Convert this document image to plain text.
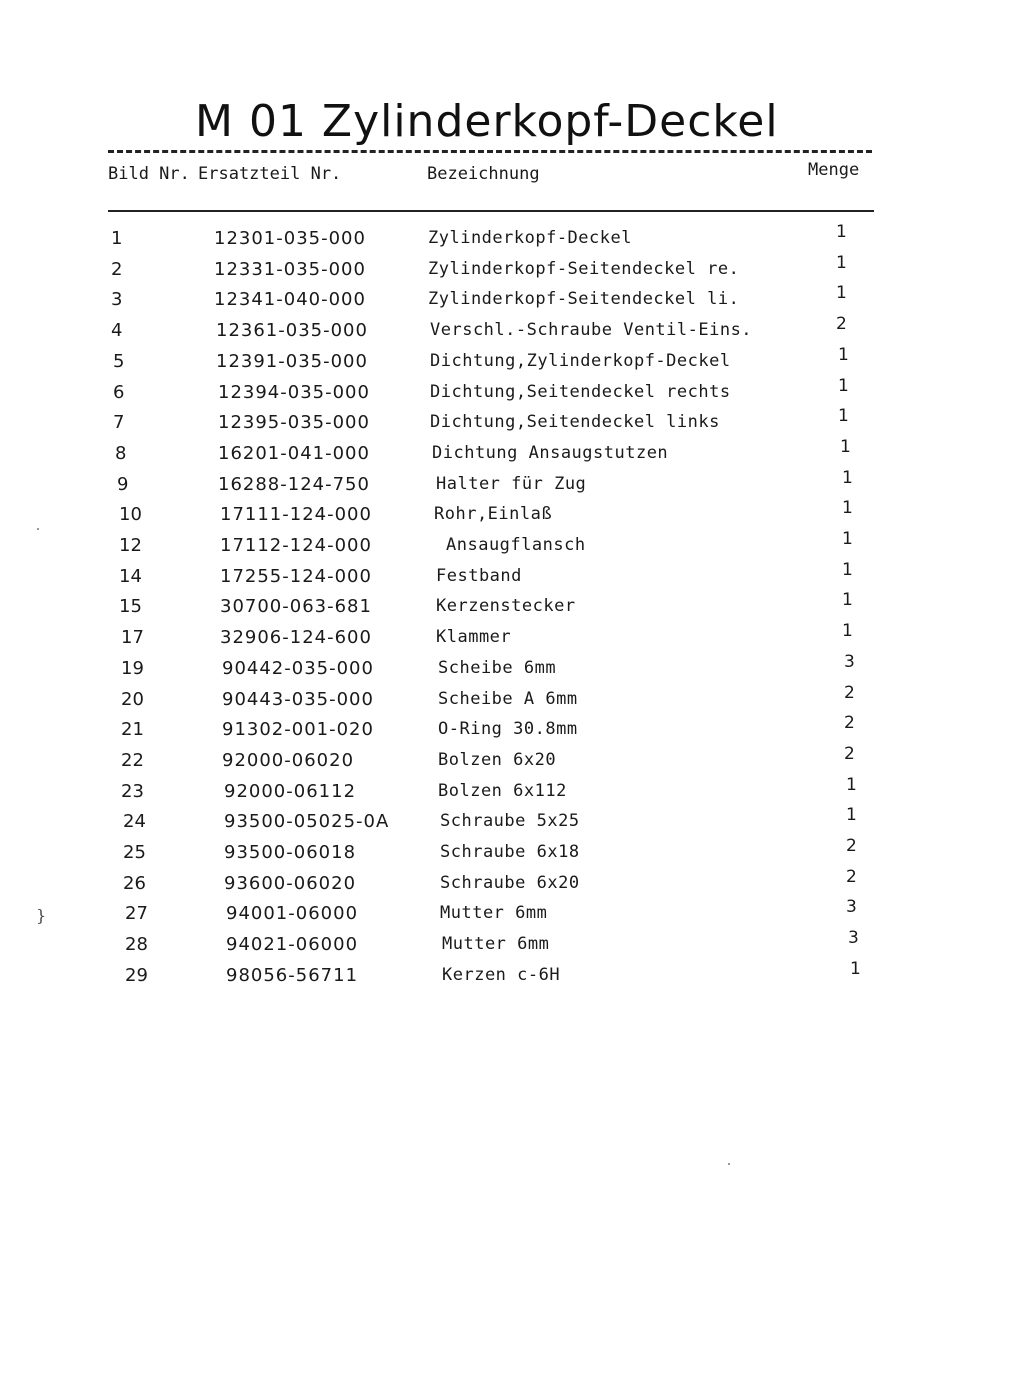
M 01 Zylinderkopf-Deckel
Bild Nr. Ersatzteil Nr.	Bezeichnung	Menge
1	12301-035-000	Zylinderkopf-Deckel	1
2	12331-035-000	Zylinderkopf-Seitendeckel re.	1
3	12341-040-000	Zylinderkopf-Seitendeckel li.	1
4	12361-035-000	Verschl.-Schraube Ventil-Eins.	2
5	12391-035-000	Dichtung,Zylinderkopf-Deckel	1
6	12394-035-000	Dichtung,Seitendeckel rechts	1
7	12395-035-000	Dichtung,Seitendeckel links	1
8	16201-041-000	Dichtung Ansaugstutzen	1
9	16288-124-750	Halter für Zug	1
10	17111-124-000	Rohr,Einlaß	1
12	17112-124-000	Ansaugflansch	1
14	17255-124-000	Festband	1
15	30700-063-681	Kerzenstecker	1
17	32906-124-600	Klammer	1
19	90442-035-000	Scheibe 6mm	3
20	90443-035-000	Scheibe A 6mm	2
21	91302-001-020	O-Ring 30.8mm	2
22	92000-06020	Bolzen 6x20	2
23	92000-06112	Bolzen 6x112	1
24	93500-05025-0A	Schraube 5x25	1
25	93500-06018	Schraube 6x18	2
26	93600-06020	Schraube 6x20	2
27	94001-06000	Mutter 6mm	3
28	94021-06000	Mutter 6mm	3
29	98056-56711	Kerzen c-6H	1
}
